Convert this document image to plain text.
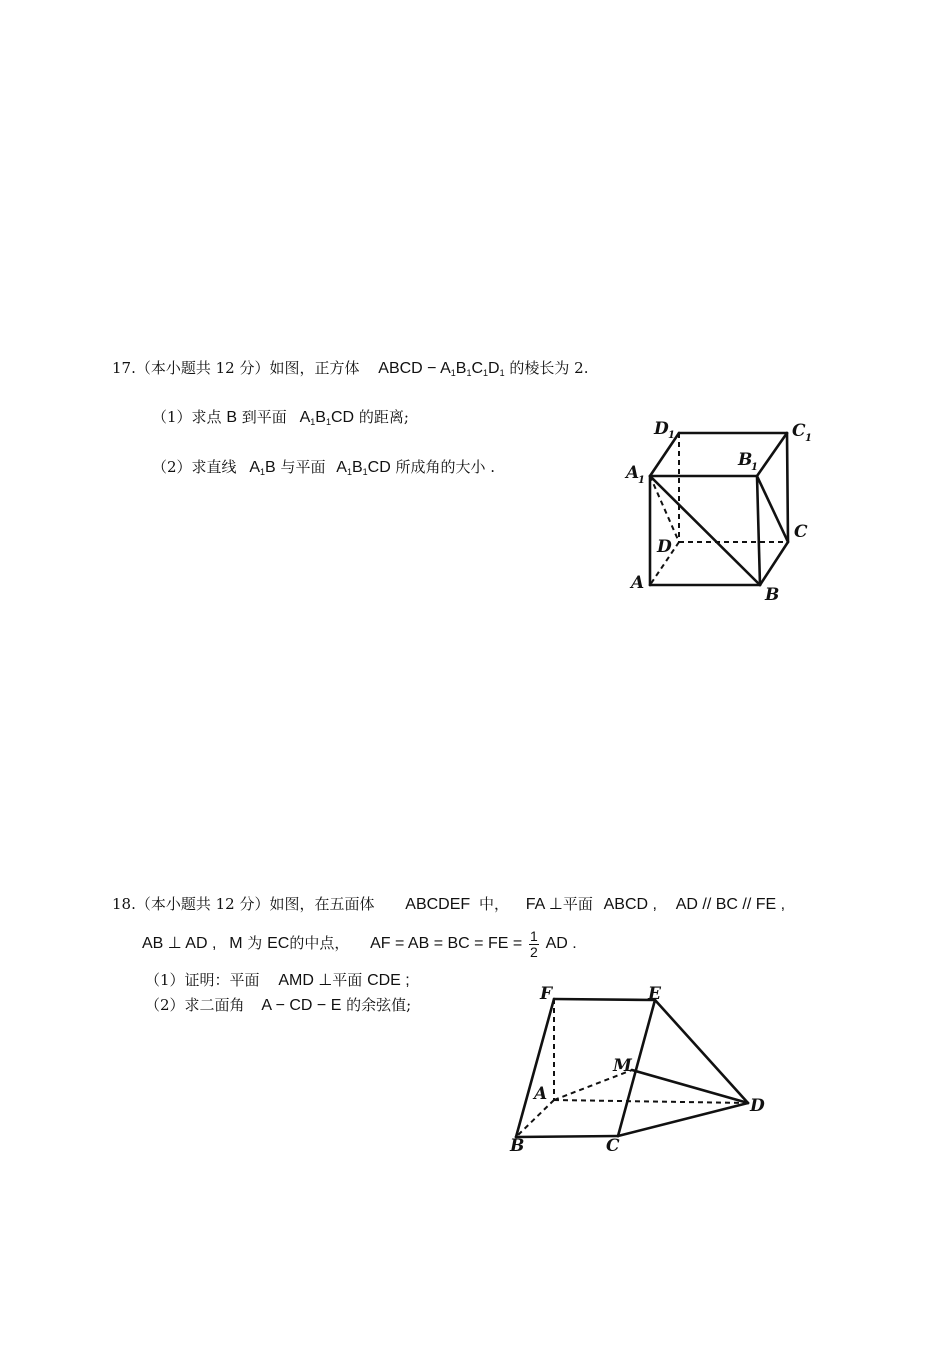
17.（本小题共 12 分）如图，正方体 ABCD − A1B1C1D1 的棱长为 2.
（1）求点 B 到平面 A1B1CD 的距离;
（2）求直线 A1B 与平面 A1B1CD 所成角的大小 .
D 1	C 1
B
1
A
1
C
D
A
B
18.（本小题共 12 分）如图，在五面体 ABCDEF 中， FA ⊥平面 ABCD , AD // BC // FE ,
AB ⊥ AD , M 为 EC的中点， AF = AB = BC = FE = $\frac{1}{2}$ AD .
（1）证明：平面 AMD ⊥平面 CDE ;
（2）求二面角 A − CD − E 的余弦值;
F	E
M
A
D
B	C
